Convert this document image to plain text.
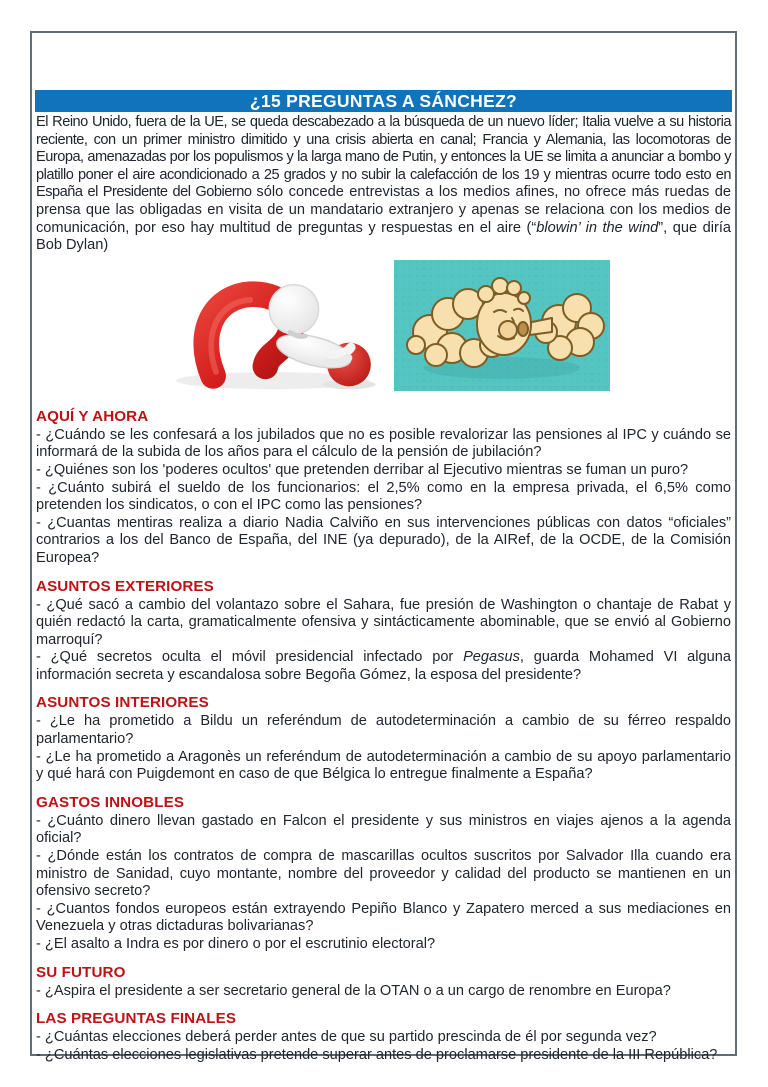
¿15 PREGUNTAS A SÁNCHEZ?

El Reino Unido, fuera de la UE, se queda descabezado a la búsqueda de un nuevo líder; Italia vuelve a su historia reciente, con un primer ministro dimitido y una crisis abierta en canal; Francia y Alemania, las locomotoras de Europa, amenazadas por los populismos y la larga mano de Putin, y entonces la UE se limita a anunciar a bombo y platillo poner el aire acondicionado a 25 grados y no subir la calefacción de los 19 y mientras ocurre todo esto en España el Presidente del Gobierno sólo concede entrevistas a los medios afines, no ofrece más ruedas de prensa que las obligadas en visita de un mandatario extranjero y apenas se relaciona con los medios de comunicación, por eso hay multitud de preguntas y respuestas en el aire (“blowin’ in the wind”, que diría Bob Dylan)

AQUÍ Y AHORA

- ¿Cuándo se les confesará a los jubilados que no es posible revalorizar las pensiones al IPC y cuándo se informará de la subida de los años para el cálculo de la pensión de jubilación?

- ¿Quiénes son los 'poderes ocultos' que pretenden derribar al Ejecutivo mientras se fuman un puro?

- ¿Cuánto subirá el sueldo de los funcionarios: el 2,5% como en la empresa privada, el 6,5% como pretenden los sindicatos, o con el IPC como las pensiones?

- ¿Cuantas mentiras realiza a diario Nadia Calviño en sus intervenciones públicas con datos “oficiales” contrarios a los del Banco de España, del INE (ya depurado), de la AIRef, de la OCDE, de la Comisión Europea?

ASUNTOS EXTERIORES

- ¿Qué sacó a cambio del volantazo sobre el Sahara, fue presión de Washington o chantaje de Rabat y quién redactó la carta, gramaticalmente ofensiva y sintácticamente abominable, que se envió al Gobierno marroquí?

- ¿Qué secretos oculta el móvil presidencial infectado por Pegasus, guarda Mohamed VI alguna información secreta y escandalosa sobre Begoña Gómez, la esposa del presidente?

ASUNTOS INTERIORES

- ¿Le ha prometido a Bildu un referéndum de autodeterminación a cambio de su férreo respaldo parlamentario?

- ¿Le ha prometido a Aragonès un referéndum de autodeterminación a cambio de su apoyo parlamentario y qué hará con Puigdemont en caso de que Bélgica lo entregue finalmente a España?

GASTOS INNOBLES

- ¿Cuánto dinero llevan gastado en Falcon el presidente y sus ministros en viajes ajenos a la agenda oficial?

- ¿Dónde están los contratos de compra de mascarillas ocultos suscritos por Salvador Illa cuando era ministro de Sanidad, cuyo montante, nombre del proveedor y calidad del producto se mantienen en un ofensivo secreto?

- ¿Cuantos fondos europeos están extrayendo Pepiño Blanco y Zapatero merced a sus mediaciones en Venezuela y otras dictaduras bolivarianas?

- ¿El asalto a Indra es por dinero o por el escrutinio electoral?

SU FUTURO

- ¿Aspira el presidente a ser secretario general de la OTAN o a un cargo de renombre en Europa?

LAS PREGUNTAS FINALES

- ¿Cuántas elecciones deberá perder antes de que su partido prescinda de él por segunda vez?

- ¿Cuántas elecciones legislativas pretende superar antes de proclamarse presidente de la III República?
